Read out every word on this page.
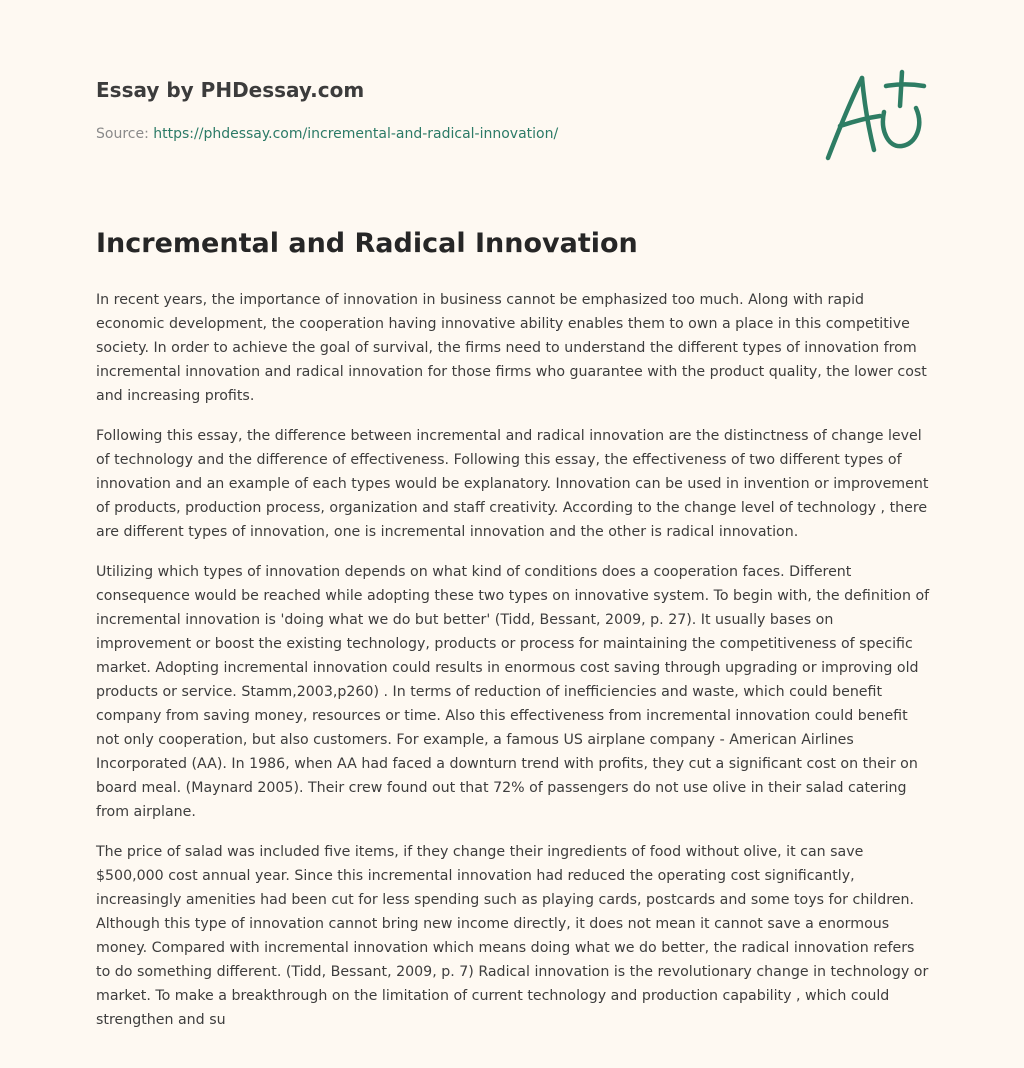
Essay by PHDessay.com
Source: https://phdessay.com/incremental-and-radical-innovation/
Incremental and Radical Innovation

In recent years, the importance of innovation in business cannot be emphasized too much. Along with rapid economic development, the cooperation having innovative ability enables them to own a place in this competitive society. In order to achieve the goal of survival, the firms need to understand the different types of innovation from incremental innovation and radical innovation for those firms who guarantee with the product quality, the lower cost and increasing profits.

Following this essay, the difference between incremental and radical innovation are the distinctness of change level of technology and the difference of effectiveness. Following this essay, the effectiveness of two different types of innovation and an example of each types would be explanatory. Innovation can be used in invention or improvement of products, production process, organization and staff creativity. According to the change level of technology , there are different types of innovation, one is incremental innovation and the other is radical innovation.

Utilizing which types of innovation depends on what kind of conditions does a cooperation faces. Different consequence would be reached while adopting these two types on innovative system. To begin with, the definition of incremental innovation is 'doing what we do but better' (Tidd, Bessant, 2009, p. 27). It usually bases on improvement or boost the existing technology, products or process for maintaining the competitiveness of specific market. Adopting incremental innovation could results in enormous cost saving through upgrading or improving old products or service. Stamm,2003,p260) . In terms of reduction of inefficiencies and waste, which could benefit company from saving money, resources or time. Also this effectiveness from incremental innovation could benefit not only cooperation, but also customers. For example, a famous US airplane company - American Airlines Incorporated (AA). In 1986, when AA had faced a downturn trend with profits, they cut a significant cost on their on board meal. (Maynard 2005). Their crew found out that 72% of passengers do not use olive in their salad catering from airplane.

The price of salad was included five items, if they change their ingredients of food without olive, it can save $500,000 cost annual year. Since this incremental innovation had reduced the operating cost significantly, increasingly amenities had been cut for less spending such as playing cards, postcards and some toys for children. Although this type of innovation cannot bring new income directly, it does not mean it cannot save a enormous money. Compared with incremental innovation which means doing what we do better, the radical innovation refers to do something different. (Tidd, Bessant, 2009, p. 7) Radical innovation is the revolutionary change in technology or market. To make a breakthrough on the limitation of current technology and production capability , which could strengthen and su
